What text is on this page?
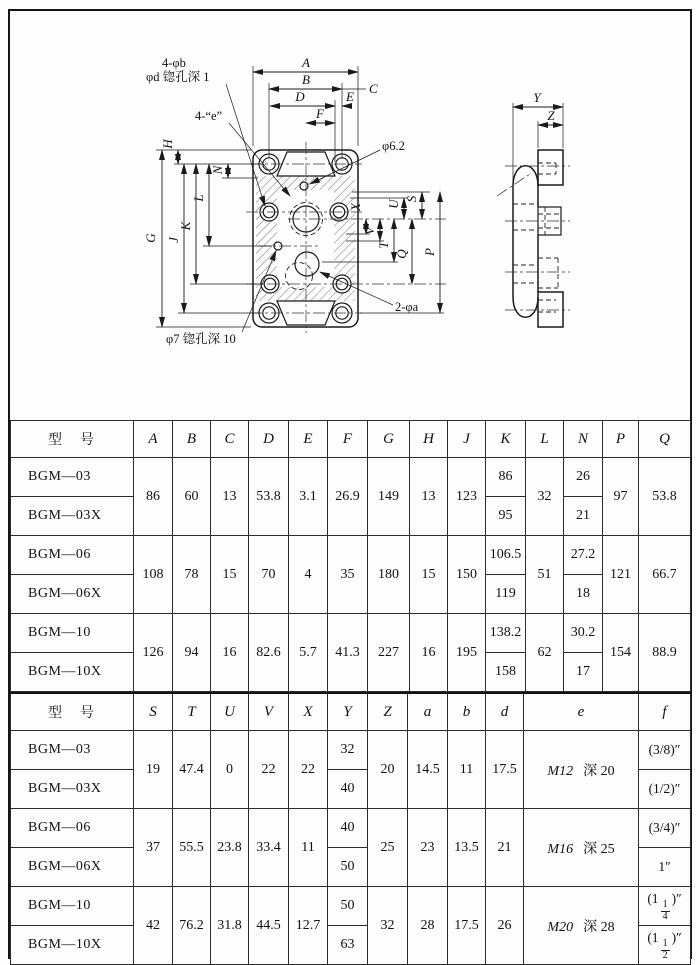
A
B
C
D	E
F
G
H
J
K
L
N
X
V
T
U
S
Q P
4-φb
φd 锪孔深 1
4-“e”
φ6.2
2-φa
φ7 锪孔深 10
Y
Z
型　号	A	B	C	D	E	F	G	H	J	K	L	N	P	Q
BGM—03	86	60	13	53.8	3.1	26.9	149	13	123	86	32	26	97	53.8
BGM—03X										95		21		
BGM—06	108	78	15	70	4	35	180	15	150	106.5	51	27.2	121	66.7
BGM—06X										119		18		
BGM—10	126	94	16	82.6	5.7	41.3	227	16	195	138.2	62	30.2	154	88.9
BGM—10X										158		17		
型　号	S	T	U	V	X	Y	Z	a	b	d	e	f
BGM—03	19	47.4	0	22	22	32	20	14.5	11	17.5	M12 深 20	(3/8)″
BGM—03X						40						(1/2)″
BGM—06	37	55.5	23.8	33.4	11	40	25	23	13.5	21	M16 深 25	(3/4)″
BGM—06X						50						1″
BGM—10	42	76.2	31.8	44.5	12.7	50	32	28	17.5	26	M20 深 28	(1
$\frac{1}{4}$
)″
BGM—10X						63						(1
$\frac{1}{2}$
)″
